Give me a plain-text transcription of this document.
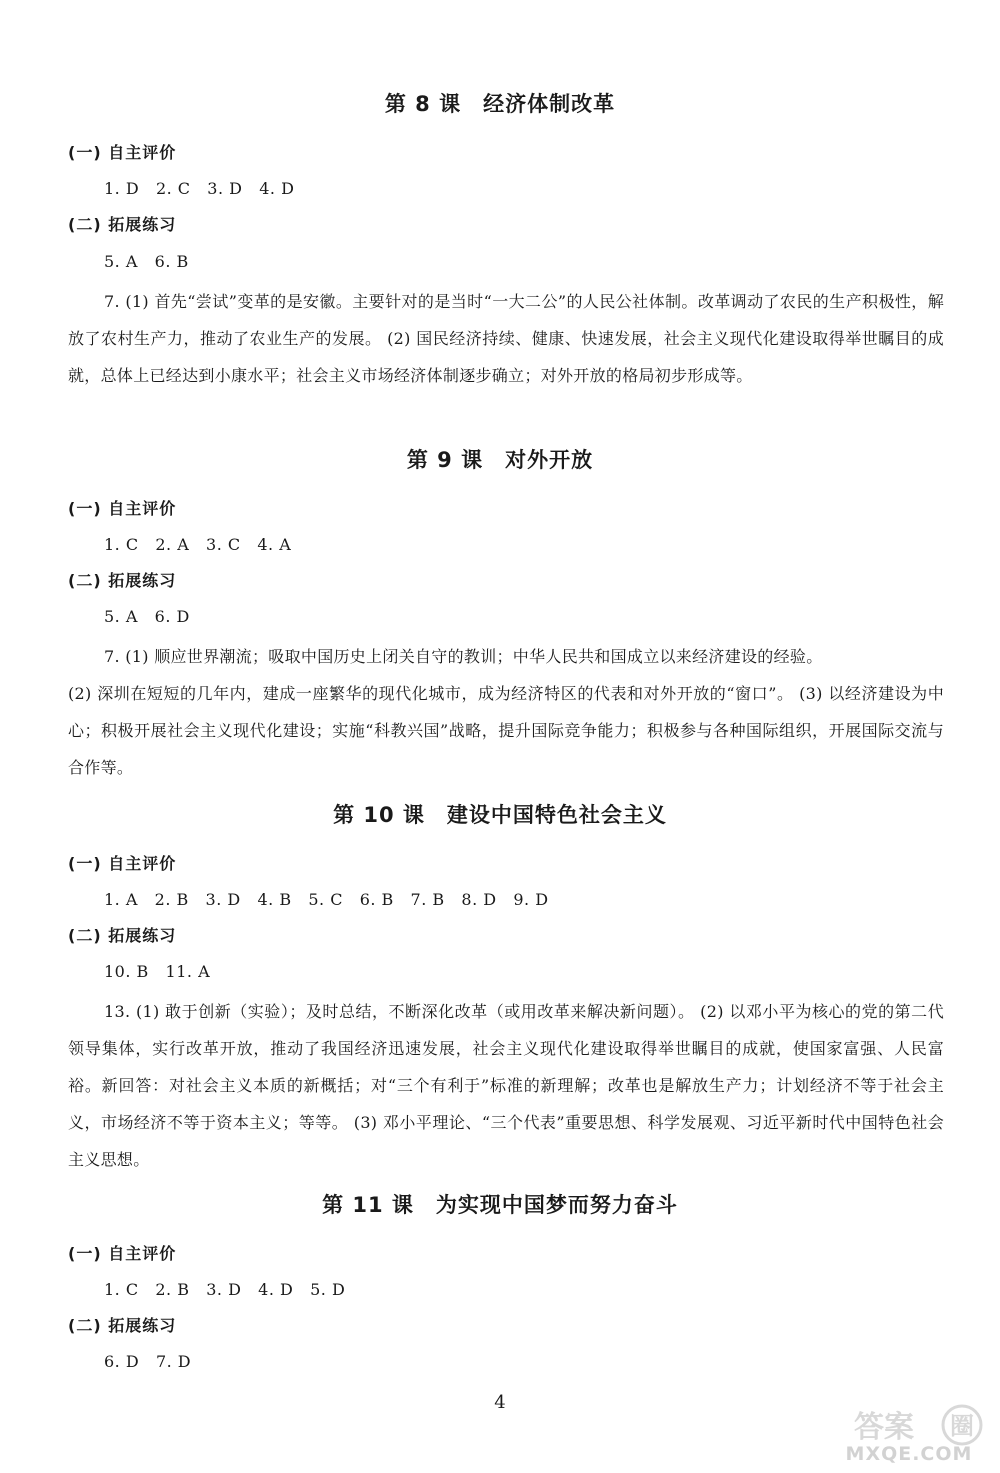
第 8 课 经济体制改革
(一) 自主评价
1. D   2. C   3. D   4. D
(二) 拓展练习
5. A   6. B
7. (1) 首先“尝试”变革的是安徽。主要针对的是当时“一大二公”的人民公社体制。改革调动了农民的生产积极性，解放了农村生产力，推动了农业生产的发展。 (2) 国民经济持续、健康、快速发展，社会主义现代化建设取得举世瞩目的成就，总体上已经达到小康水平；社会主义市场经济体制逐步确立；对外开放的格局初步形成等。
第 9 课 对外开放
(一) 自主评价
1. C   2. A   3. C   4. A
(二) 拓展练习
5. A   6. D
7. (1) 顺应世界潮流；吸取中国历史上闭关自守的教训；中华人民共和国成立以来经济建设的经验。
(2) 深圳在短短的几年内，建成一座繁华的现代化城市，成为经济特区的代表和对外开放的“窗口”。 (3) 以经济建设为中心；积极开展社会主义现代化建设；实施“科教兴国”战略，提升国际竞争能力；积极参与各种国际组织，开展国际交流与合作等。
第 10 课 建设中国特色社会主义
(一) 自主评价
1. A   2. B   3. D   4. B   5. C   6. B   7. B   8. D   9. D
(二) 拓展练习
10. B   11. A
13. (1) 敢于创新（实验）；及时总结，不断深化改革（或用改革来解决新问题）。 (2) 以邓小平为核心的党的第二代领导集体，实行改革开放，推动了我国经济迅速发展，社会主义现代化建设取得举世瞩目的成就，使国家富强、人民富裕。新回答：对社会主义本质的新概括；对“三个有利于”标准的新理解；改革也是解放生产力；计划经济不等于社会主义，市场经济不等于资本主义；等等。 (3) 邓小平理论、“三个代表”重要思想、科学发展观、习近平新时代中国特色社会主义思想。
第 11 课 为实现中国梦而努力奋斗
(一) 自主评价
1. C   2. B   3. D   4. D   5. D
(二) 拓展练习
6. D   7. D
4
答案 圈
MXQE.COM
